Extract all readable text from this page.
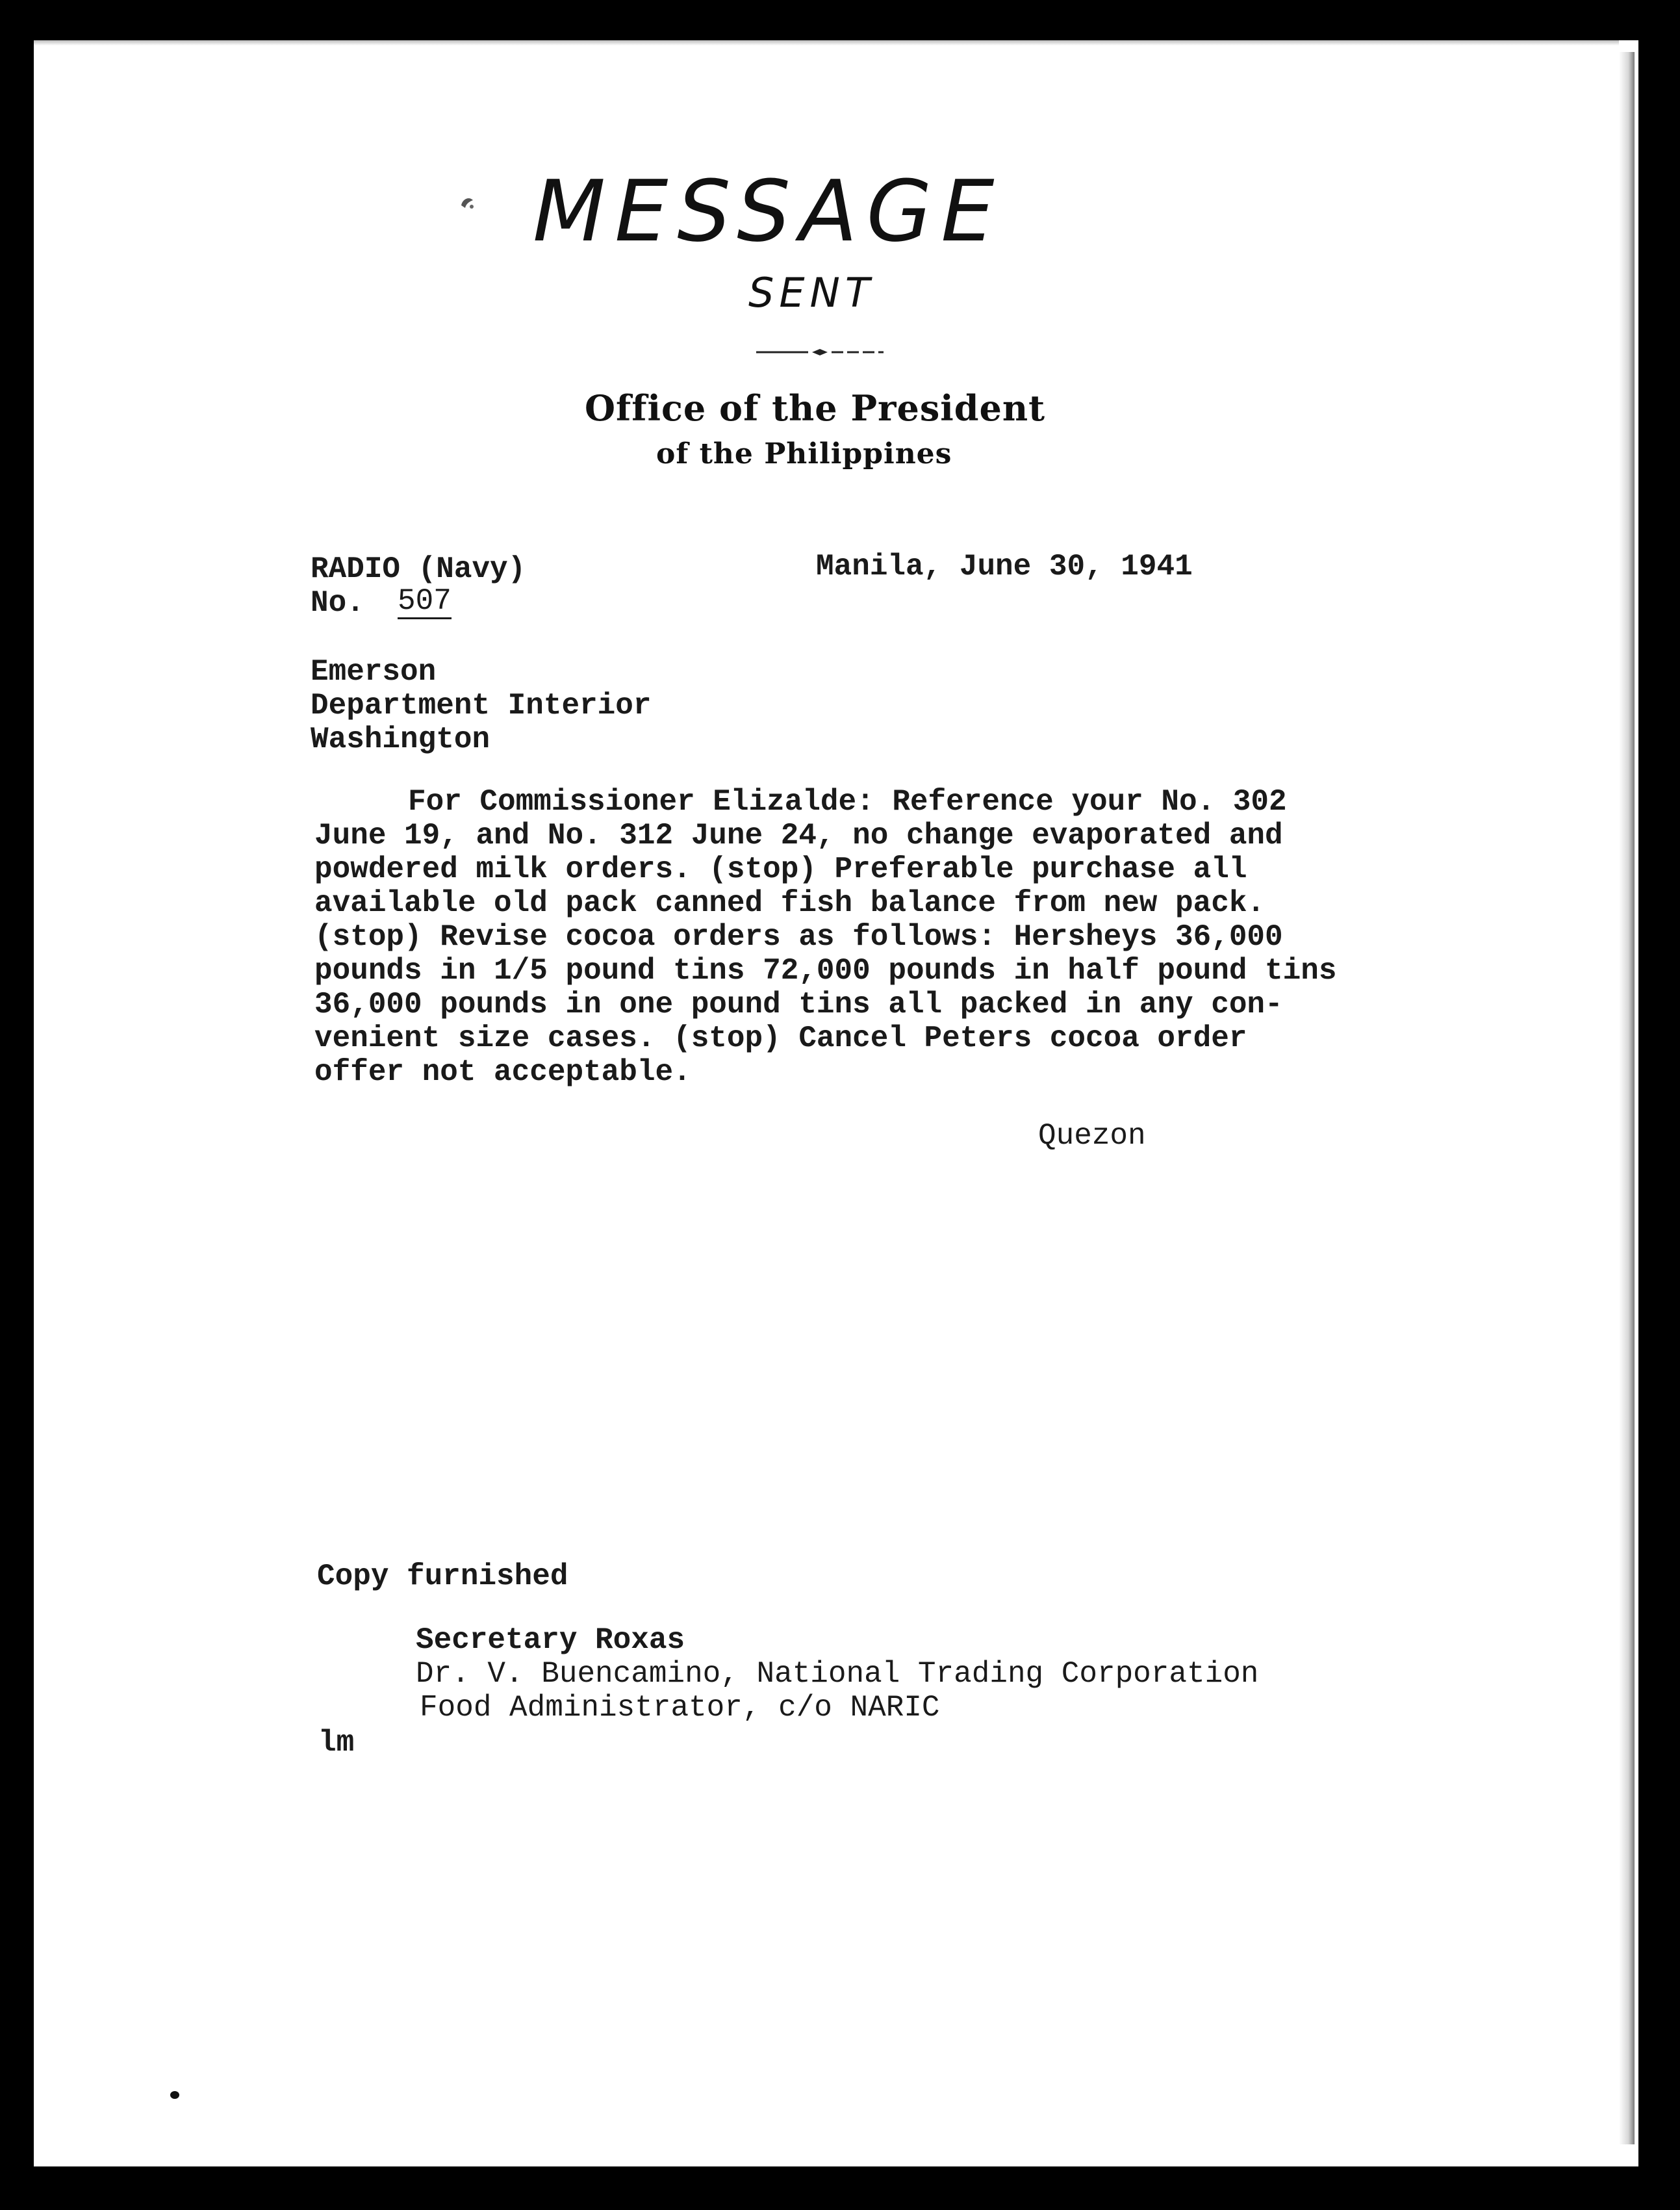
MESSAGE
SENT
Office of the President
of the Philippines
RADIO (Navy)	Manila, June 30, 1941
No. 507
Emerson
Department Interior
Washington
For Commissioner Elizalde: Reference your No. 302
June 19, and No. 312 June 24, no change evaporated and
powdered milk orders. (stop) Preferable purchase all
available old pack canned fish balance from new pack.
(stop) Revise cocoa orders as follows: Hersheys 36,000
pounds in 1/5 pound tins 72,000 pounds in half pound tins
36,000 pounds in one pound tins all packed in any con-
venient size cases. (stop) Cancel Peters cocoa order
offer not acceptable.
Quezon
Copy furnished
Secretary Roxas
Dr. V. Buencamino, National Trading Corporation
Food Administrator, c/o NARIC
lm
